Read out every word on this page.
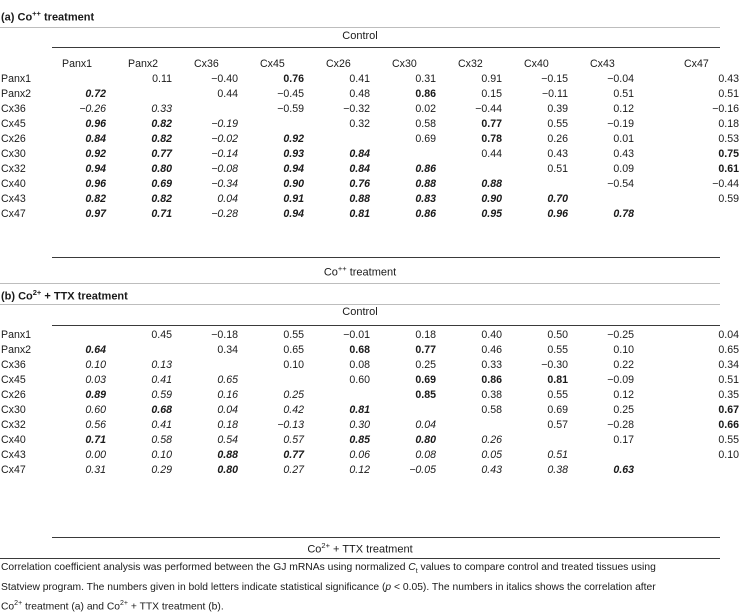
(a) Co++ treatment
Control
	Panx1	Panx2	Cx36	Cx45	Cx26	Cx30	Cx32	Cx40	Cx43	Cx47
Panx1		0.11	−0.40	0.76	0.41	0.31	0.91	−0.15	−0.04	0.43
Panx2	0.72		0.44	−0.45	0.48	0.86	0.15	−0.11	0.51	0.51
Cx36	−0.26	0.33		−0.59	−0.32	0.02	−0.44	0.39	0.12	−0.16
Cx45	0.96	0.82	−0.19		0.32	0.58	0.77	0.55	−0.19	0.18
Cx26	0.84	0.82	−0.02	0.92		0.69	0.78	0.26	0.01	0.53
Cx30	0.92	0.77	−0.14	0.93	0.84		0.44	0.43	0.43	0.75
Cx32	0.94	0.80	−0.08	0.94	0.84	0.86		0.51	0.09	0.61
Cx40	0.96	0.69	−0.34	0.90	0.76	0.88	0.88		−0.54	−0.44
Cx43	0.82	0.82	0.04	0.91	0.88	0.83	0.90	0.70		0.59
Cx47	0.97	0.71	−0.28	0.94	0.81	0.86	0.95	0.96	0.78	
Co++ treatment
(b) $Co^{2+}$ + TTX treatment
Control
Panx1		0.45	−0.18	0.55	−0.01	0.18	0.40	0.50	−0.25	0.04
Panx2	0.64		0.34	0.65	0.68	0.77	0.46	0.55	0.10	0.65
Cx36	0.10	0.13		0.10	0.08	0.25	0.33	−0.30	0.22	0.34
Cx45	0.03	0.41	0.65		0.60	0.69	0.86	0.81	−0.09	0.51
Cx26	0.89	0.59	0.16	0.25		0.85	0.38	0.55	0.12	0.35
Cx30	0.60	0.68	0.04	0.42	0.81		0.58	0.69	0.25	0.67
Cx32	0.56	0.41	0.18	−0.13	0.30	0.04		0.57	−0.28	0.66
Cx40	0.71	0.58	0.54	0.57	0.85	0.80	0.26		0.17	0.55
Cx43	0.00	0.10	0.88	0.77	0.06	0.08	0.05	0.51		0.10
Cx47	0.31	0.29	0.80	0.27	0.12	−0.05	0.43	0.38	0.63	
$Co^{2+}$ + TTX treatment
Correlation coefficient analysis was performed between the GJ mRNAs using normalized $C_t$ values to compare control and treated tissues using
Statview program. The numbers given in bold letters indicate statistical significance (p < 0.05). The numbers in italics shows the correlation after
$Co^{2+}$ treatment (a) and $Co^{2+}$ + TTX treatment (b).
